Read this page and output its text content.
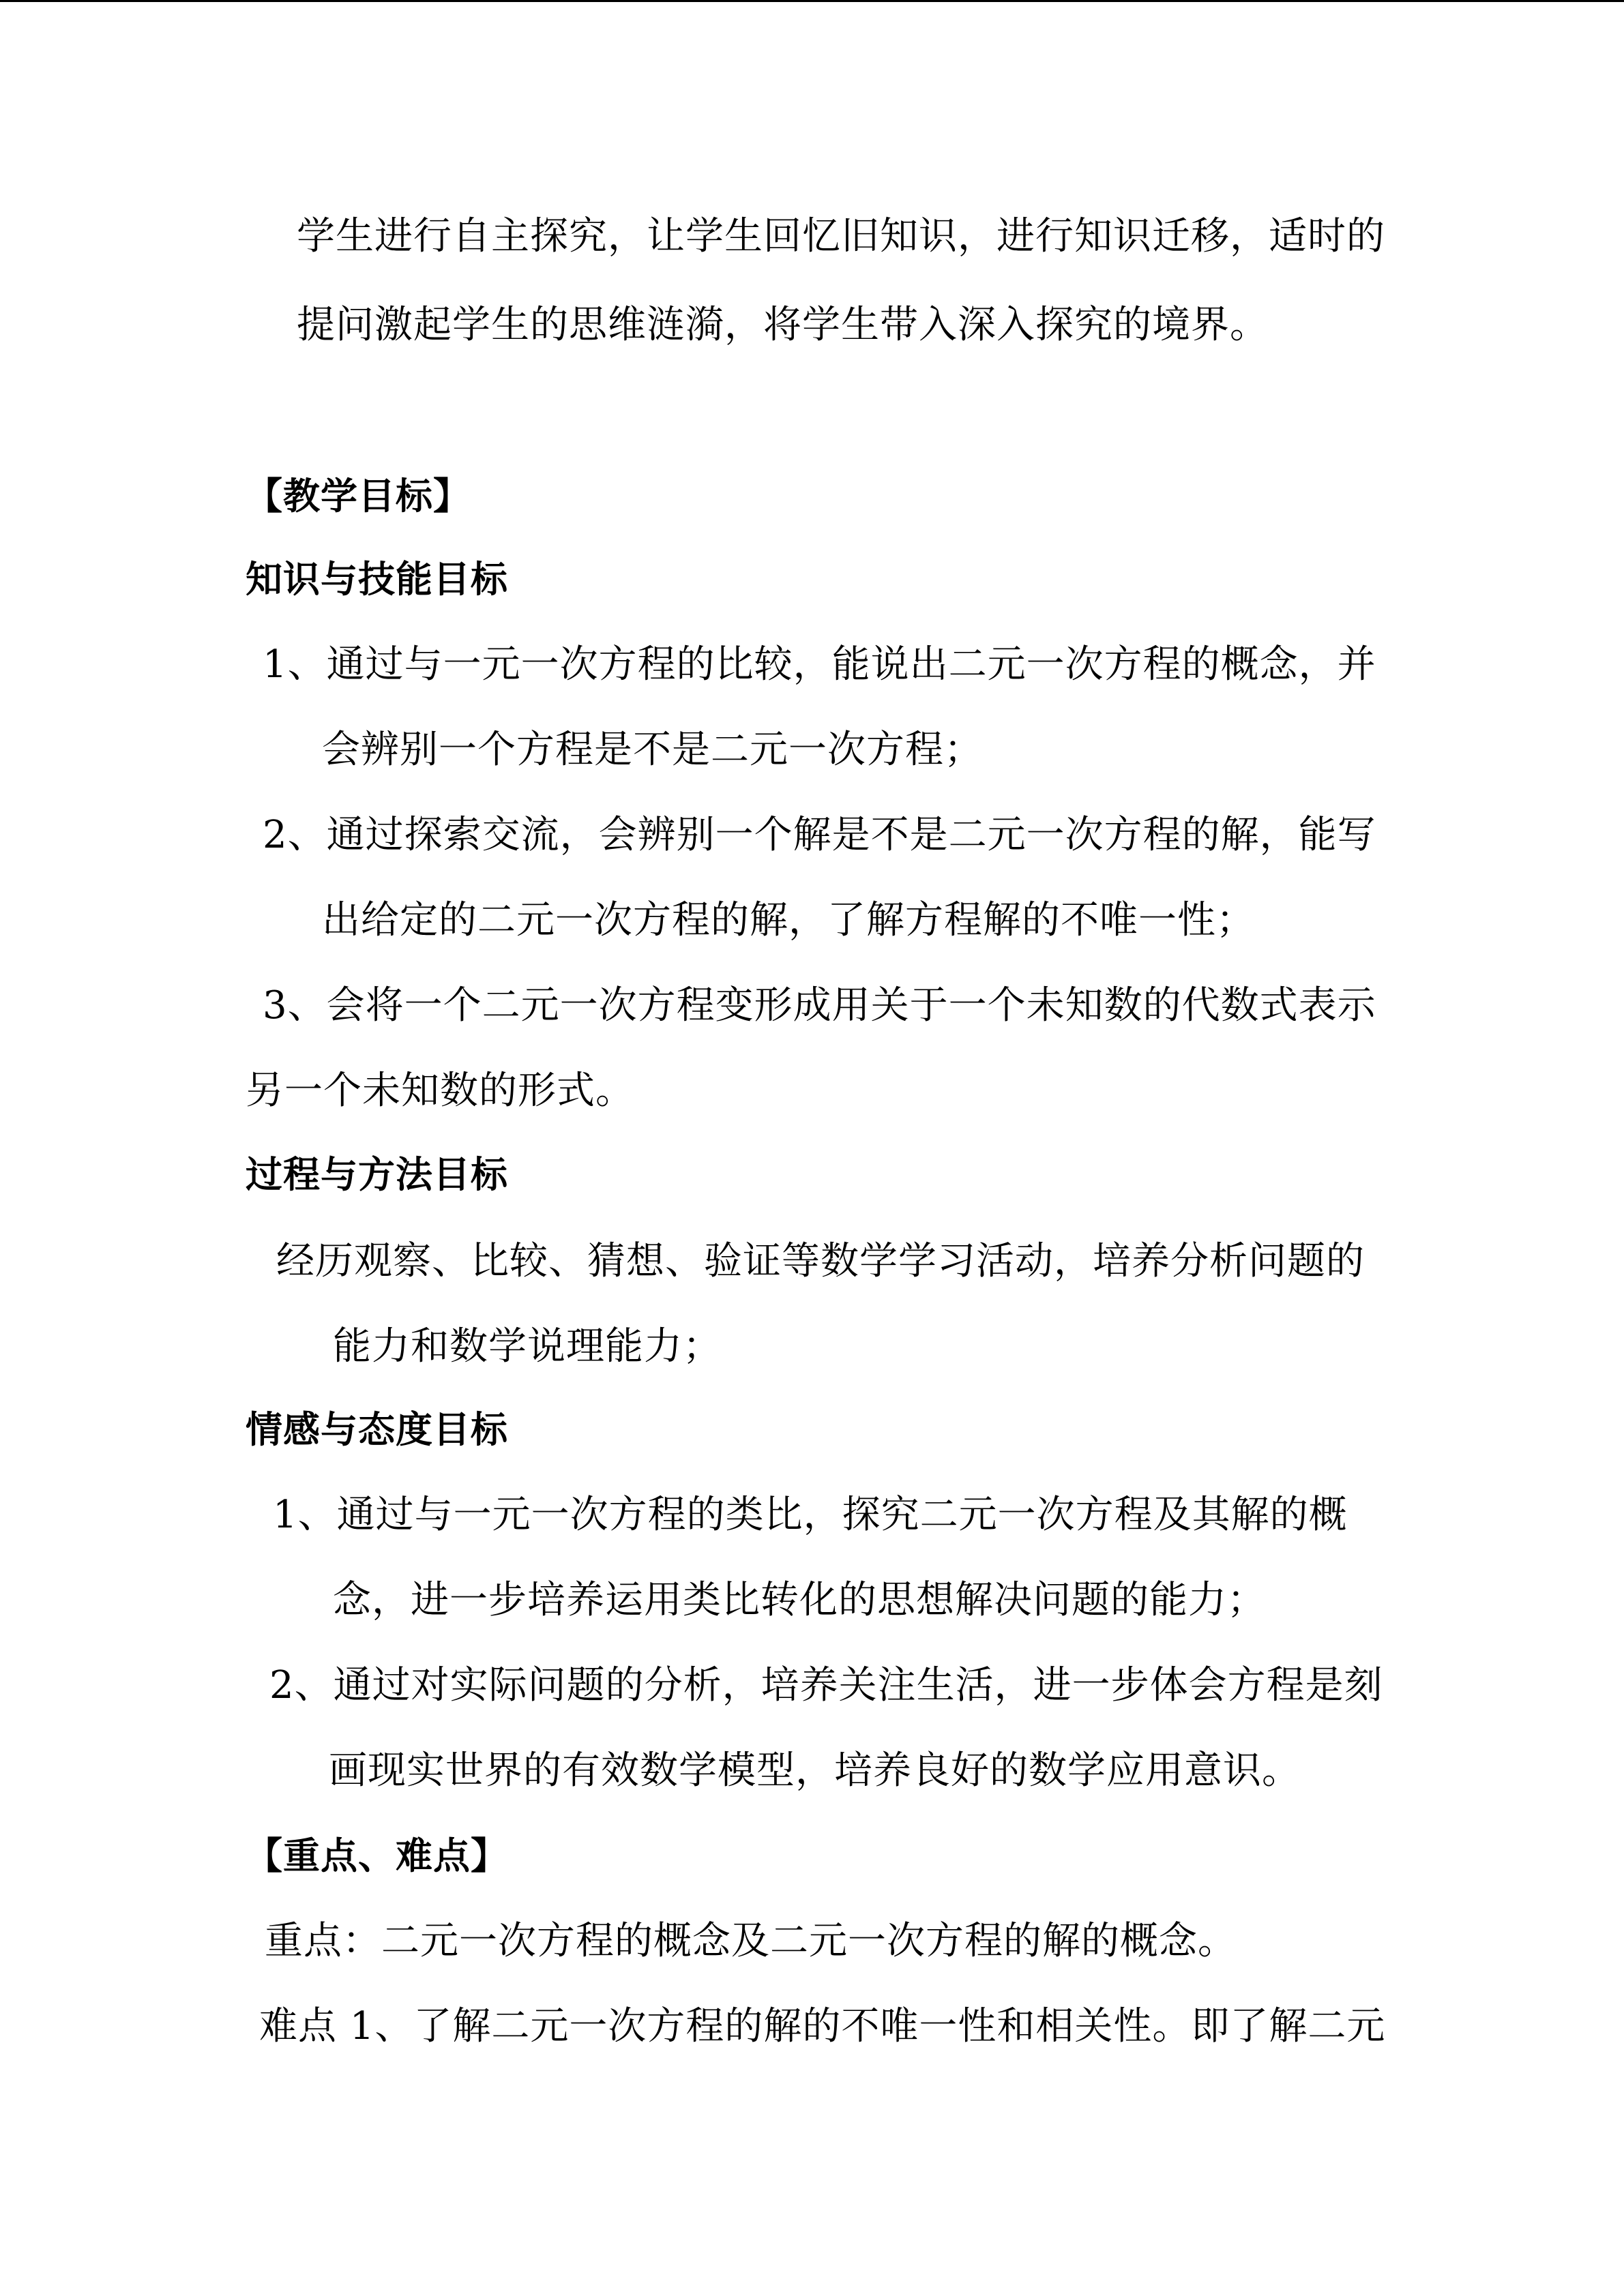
学生进行自主探究，让学生回忆旧知识，进行知识迁移，适时的
提问激起学生的思维涟漪，将学生带入深入探究的境界。
【教学目标】
知识与技能目标
1、通过与一元一次方程的比较，能说出二元一次方程的概念，并
会辨别一个方程是不是二元一次方程；
2、通过探索交流，会辨别一个解是不是二元一次方程的解，能写
出给定的二元一次方程的解，了解方程解的不唯一性；
3、会将一个二元一次方程变形成用关于一个未知数的代数式表示
另一个未知数的形式。
过程与方法目标
经历观察、比较、猜想、验证等数学学习活动，培养分析问题的
能力和数学说理能力；
情感与态度目标
1、通过与一元一次方程的类比，探究二元一次方程及其解的概
念，进一步培养运用类比转化的思想解决问题的能力；
2、通过对实际问题的分析，培养关注生活，进一步体会方程是刻
画现实世界的有效数学模型，培养良好的数学应用意识。
【重点、难点】
重点：二元一次方程的概念及二元一次方程的解的概念。
难点 1、了解二元一次方程的解的不唯一性和相关性。即了解二元
